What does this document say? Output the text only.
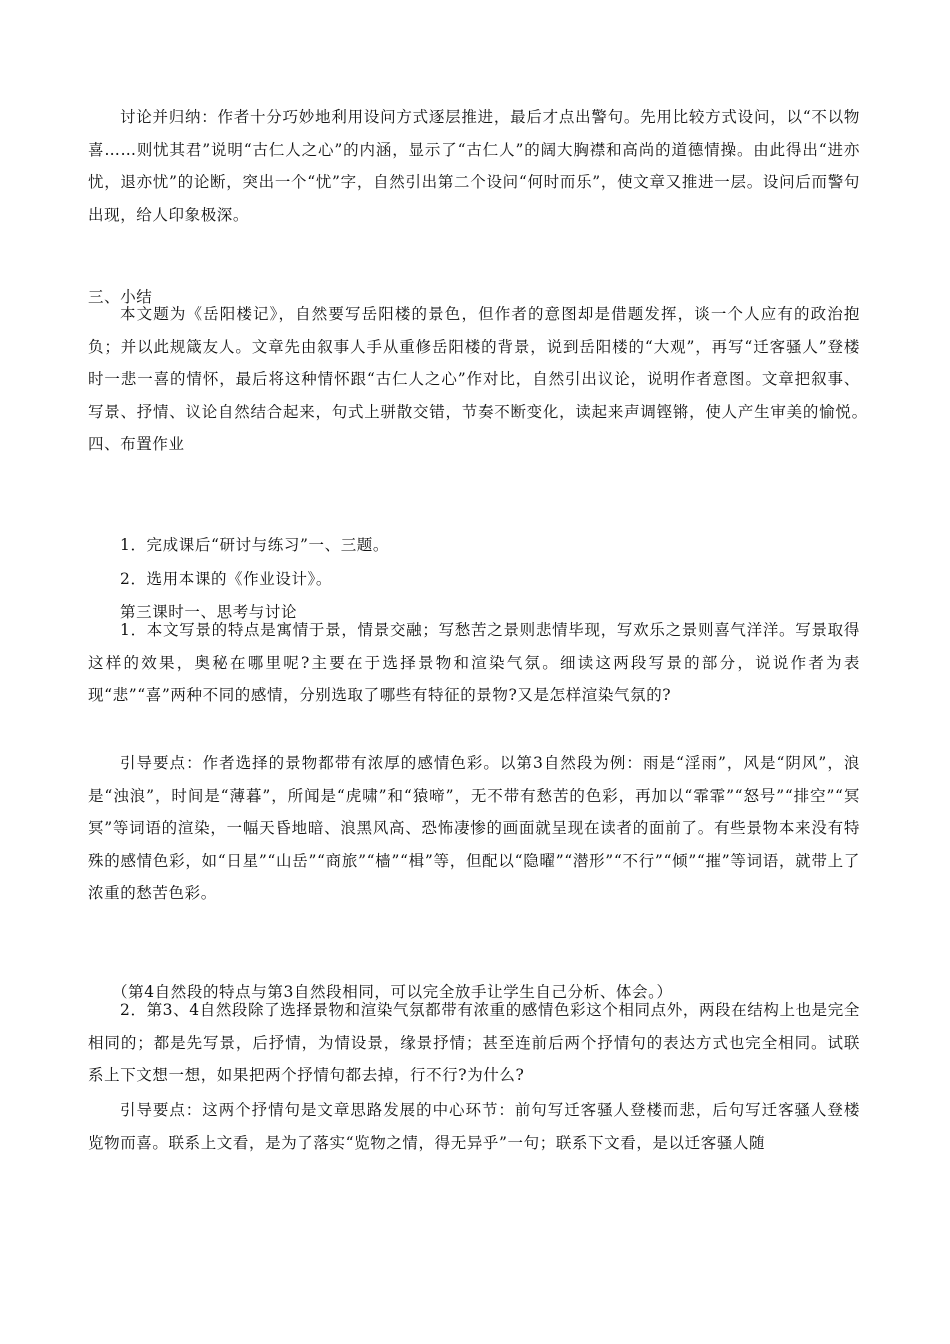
讨论并归纳：作者十分巧妙地利用设问方式逐层推进，最后才点出警句。先用比较方式设问，以“不以物喜……则忧其君”说明“古仁人之心”的内涵，显示了“古仁人”的阔大胸襟和高尚的道德情操。由此得出“进亦忧，退亦忧”的论断，突出一个“忧”字，自然引出第二个设问“何时而乐”，使文章又推进一层。设问后而警句出现，给人印象极深。

三、小结

本文题为《岳阳楼记》，自然要写岳阳楼的景色，但作者的意图却是借题发挥，谈一个人应有的政治抱负；并以此规箴友人。文章先由叙事人手从重修岳阳楼的背景，说到岳阳楼的“大观”，再写“迁客骚人”登楼时一悲一喜的情怀，最后将这种情怀跟“古仁人之心”作对比，自然引出议论，说明作者意图。文章把叙事、写景、抒情、议论自然结合起来，句式上骈散交错，节奏不断变化，读起来声调铿锵，使人产生审美的愉悦。　　四、布置作业

1．完成课后“研讨与练习”一、三题。

2．选用本课的《作业设计》。

第三课时一、思考与讨论

1．本文写景的特点是寓情于景，情景交融；写愁苦之景则悲情毕现，写欢乐之景则喜气洋洋。写景取得这样的效果，奥秘在哪里呢?主要在于选择景物和渲染气氛。细读这两段写景的部分，说说作者为表现“悲”“喜”两种不同的感情，分别选取了哪些有特征的景物?又是怎样渲染气氛的?

引导要点：作者选择的景物都带有浓厚的感情色彩。以第3自然段为例：雨是“淫雨”，风是“阴风”，浪是“浊浪”，时间是“薄暮”，所闻是“虎啸”和“猿啼”，无不带有愁苦的色彩，再加以“霏霏”“怒号”“排空”“冥冥”等词语的渲染，一幅天昏地暗、浪黑风高、恐怖凄惨的画面就呈现在读者的面前了。有些景物本来没有特殊的感情色彩，如“日星”“山岳”“商旅”“樯”“楫”等，但配以“隐曜”“潜形”“不行”“倾”“摧”等词语，就带上了浓重的愁苦色彩。

（第4自然段的特点与第3自然段相同，可以完全放手让学生自己分析、体会。）

2．第3、4自然段除了选择景物和渲染气氛都带有浓重的感情色彩这个相同点外，两段在结构上也是完全相同的；都是先写景，后抒情，为情设景，缘景抒情；甚至连前后两个抒情句的表达方式也完全相同。试联系上下文想一想，如果把两个抒情句都去掉，行不行?为什么?

引导要点：这两个抒情句是文章思路发展的中心环节：前句写迁客骚人登楼而悲，后句写迁客骚人登楼览物而喜。联系上文看，是为了落实“览物之情，得无异乎”一句；联系下文看，是以迁客骚人随
